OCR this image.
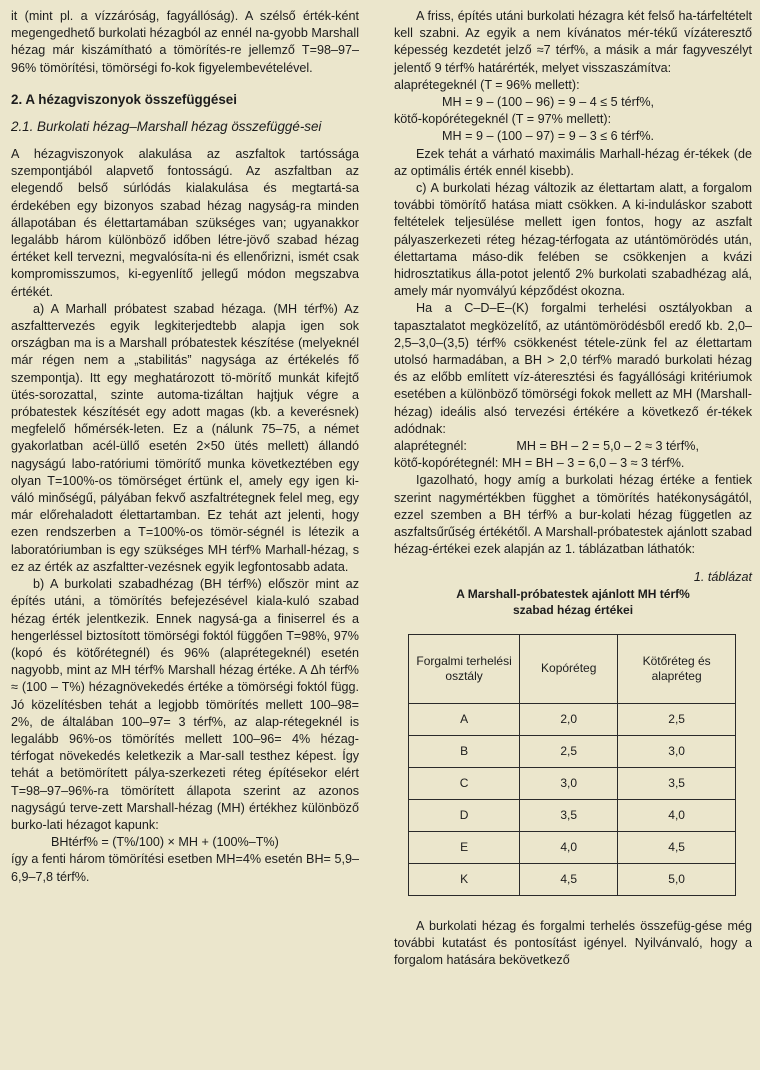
it (mint pl. a vízzáróság, fagyállóság). A szélső érték-ként megengedhető burkolati hézagból az ennél na-gyobb Marshall hézag már kiszámítható a tömörítés-re jellemző T=98–97–96% tömörítési, tömörségi fo-kok figyelembevételével.

2. A hézagviszonyok összefüggései

2.1. Burkolati hézag–Marshall hézag összefüggé-sei

A hézagviszonyok alakulása az aszfaltok tartóssága szempontjából alapvető fontosságú. Az aszfaltban az elegendő belső súrlódás kialakulása és megtartá-sa érdekében egy bizonyos szabad hézag nagyság-ra minden állapotában és élettartamában szükséges van; ugyanakkor legalább három különböző időben létre-jövő szabad hézag értéket kell tervezni, megvalósíta-ni és ellenőrizni, ismét csak kompromisszumos, ki-egyenlítő jellegű módon megszabva értékét.

a) A Marhall próbatest szabad hézaga. (MH térf%) Az aszfalttervezés egyik legkiterjedtebb alapja igen sok országban ma is a Marshall próbatestek készítése (melyeknél már régen nem a „stabilitás” nagysága az értékelés fő szempontja). Itt egy meghatározott tö-mörítő munkát kifejtő ütés-sorozattal, szinte automa-tizáltan hajtjuk végre a próbatestek készítését egy adott magas (kb. a keverésnek) megfelelő hőmérsék-leten. Ez a (nálunk 75–75, a német gyakorlatban acél-üllő esetén 2×50 ütés mellett) állandó nagyságú labo-ratóriumi tömörítő munka következtében egy olyan T=100%-os tömörséget értünk el, amely egy igen ki-váló minőségű, pályában fekvő aszfaltrétegnek felel meg, egy már előrehaladott élettartamban. Ez tehát azt jelenti, hogy ezen rendszerben a T=100%-os tömör-ségnél is létezik a laboratóriumban is egy szükséges MH térf% Marhall-hézag, s ez az érték az aszfaltter-vezésnek egyik legfontosabb adata.

b) A burkolati szabadhézag (BH térf%) először mint az építés utáni, a tömörítés befejezésével kiala-kuló szabad hézag érték jelentkezik. Ennek nagysá-ga a finiserrel és a hengerléssel biztosított tömörségi foktól függően T=98%, 97% (kopó és kötőrétegnél) és 96% (alaprétegeknél) esetén nagyobb, mint az MH térf% Marshall hézag értéke. A Δh térf% ≈ (100 – T%) hézagnövekedés értéke a tömörségi foktól függ. Jó közelítésben tehát a legjobb tömörítés mellett 100–98= 2%, de általában 100–97= 3 térf%, az alap-rétegeknél is legalább 96%-os tömörítés mellett 100–96= 4% hézag-térfogat növekedés keletkezik a Mar-sall testhez képest. Így tehát a betömörített pálya-szerkezeti réteg építésekor elért T=98–97–96%-ra tömörített állapota szerint az azonos nagyságú terve-zett Marshall-hézag (MH) értékhez különböző burko-lati hézagot kapunk:

BHtérf% = (T%/100) × MH + (100%–T%)

így a fenti három tömörítési esetben MH=4% esetén BH= 5,9–6,9–7,8 térf%.

A friss, építés utáni burkolati hézagra két felső ha-tárfeltételt kell szabni. Az egyik a nem kívánatos mér-tékű vízáteresztő képesség kezdetét jelző ≈7 térf%, a másik a már fagyveszélyt jelentő 9 térf% határérték, melyet visszaszámítva:

alaprétegeknél (T = 96% mellett):

MH = 9 – (100 – 96) = 9 – 4 ≤ 5 térf%,

kötő-kopórétegeknél (T = 97% mellett):

MH = 9 – (100 – 97) = 9 – 3 ≤ 6 térf%.

Ezek tehát a várható maximális Marhall-hézag ér-tékek (de az optimális érték ennél kisebb).

c) A burkolati hézag változik az élettartam alatt, a forgalom további tömörítő hatása miatt csökken. A ki-induláskor szabott feltételek teljesülése mellett igen fontos, hogy az aszfalt pályaszerkezeti réteg hézag-térfogata az utántömörödés után, élettartama máso-dik felében se csökkenjen a kvázi hidrosztatikus álla-potot jelentő 2% burkolati szabadhézag alá, amely már nyomvályú képződést okozna.

Ha a C–D–E–(K) forgalmi terhelési osztályokban a tapasztalatot megközelítő, az utántömörödésből eredő kb. 2,0–2,5–3,0–(3,5) térf% csökkenést tétele-zünk fel az élettartam utolsó harmadában, a BH > 2,0 térf% maradó burkolati hézag és az előbb említett víz-áteresztési és fagyállósági kritériumok esetében a különböző tömörségi fokok mellett az MH (Marshall-hézag) ideális alsó tervezési értékére a következő ér-tékek adódnak:

alaprétegnél:	MH = BH – 2 = 5,0 – 2 ≈ 3 térf%,

kötő-kopórétegnél: MH = BH – 3 = 6,0 – 3 ≈ 3 térf%.

Igazolható, hogy amíg a burkolati hézag értéke a fentiek szerint nagymértékben függhet a tömörítés hatékonyságától, ezzel szemben a BH térf% a bur-kolati hézag független az aszfaltsűrűség értékétől. A Marshall-próbatestek ajánlott szabad hézag-értékei ezek alapján az 1. táblázatban láthatók:

1. táblázat

A Marshall-próbatestek ajánlott MH térf%
szabad hézag értékei
Forgalmi terhelési osztály	Kopóréteg	Kötőréteg és alapréteg
A	2,0	2,5
B	2,5	3,0
C	3,0	3,5
D	3,5	4,0
E	4,0	4,5
K	4,5	5,0

A burkolati hézag és forgalmi terhelés összefüg-gése még további kutatást és pontosítást igényel. Nyilvánvaló, hogy a forgalom hatására bekövetkező
